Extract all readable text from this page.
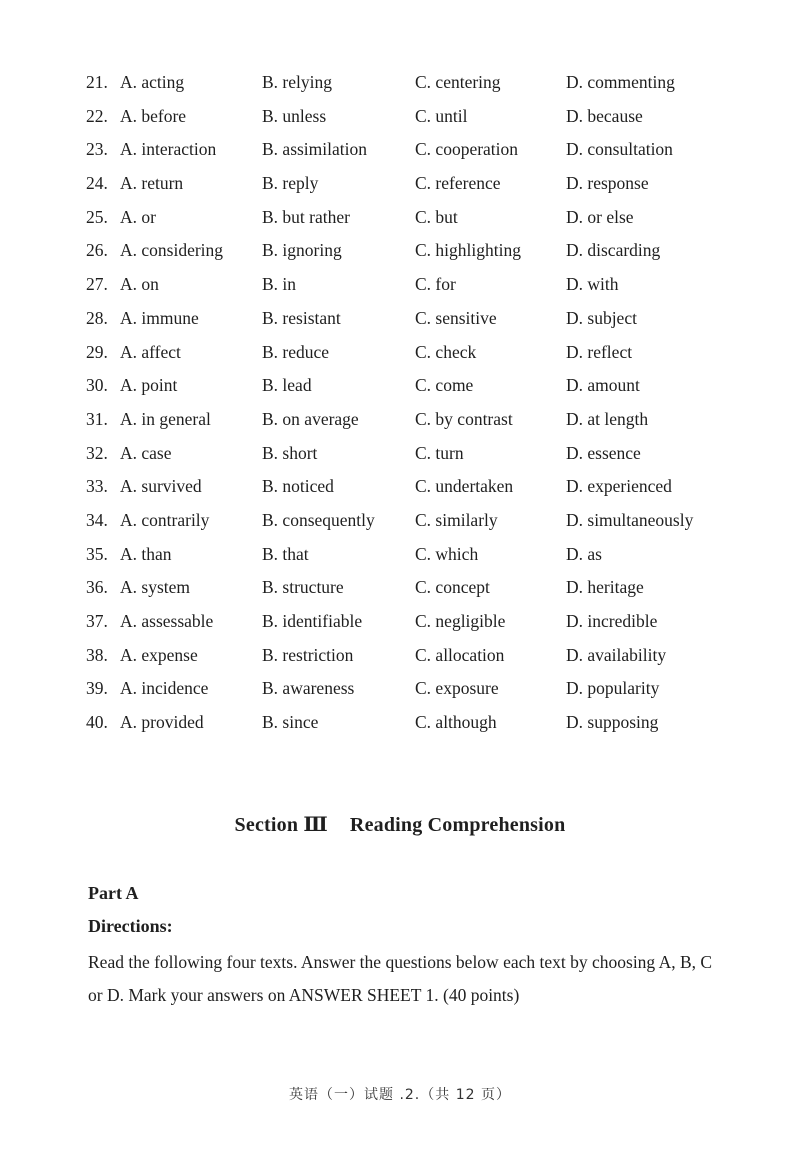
21. A. acting	B. relying	C. centering	D. commenting
22. A. before	B. unless	C. until	D. because
23. A. interaction	B. assimilation	C. cooperation	D. consultation
24. A. return	B. reply	C. reference	D. response
25. A. or	B. but rather	C. but	D. or else
26. A. considering B. ignoring	C. highlighting	D. discarding
27. A. on	B. in	C. for	D. with
28. A. immune	B. resistant	C. sensitive	D. subject
29. A. affect	B. reduce	C. check	D. reflect
30. A. point	B. lead	C. come	D. amount
31. A. in general	B. on average	C. by contrast	D. at length
32. A. case	B. short	C. turn	D. essence
33. A. survived	B. noticed	C. undertaken	D. experienced
34. A. contrarily	B. consequently C. similarly	D. simultaneously
35. A. than	B. that	C. which	D. as
36. A. system	B. structure	C. concept	D. heritage
37. A. assessable	B. identifiable	C. negligible	D. incredible
38. A. expense	B. restriction	C. allocation	D. availability
39. A. incidence	B. awareness	C. exposure	D. popularity
40. A. provided	B. since	C. although	D. supposing
Section Ⅲ Reading Comprehension
Part A
Directions:
Read the following four texts. Answer the questions below each text by choosing A, B, C or D. Mark your answers on ANSWER SHEET 1. (40 points)
英语（一）试题 .2.（共 12 页）
